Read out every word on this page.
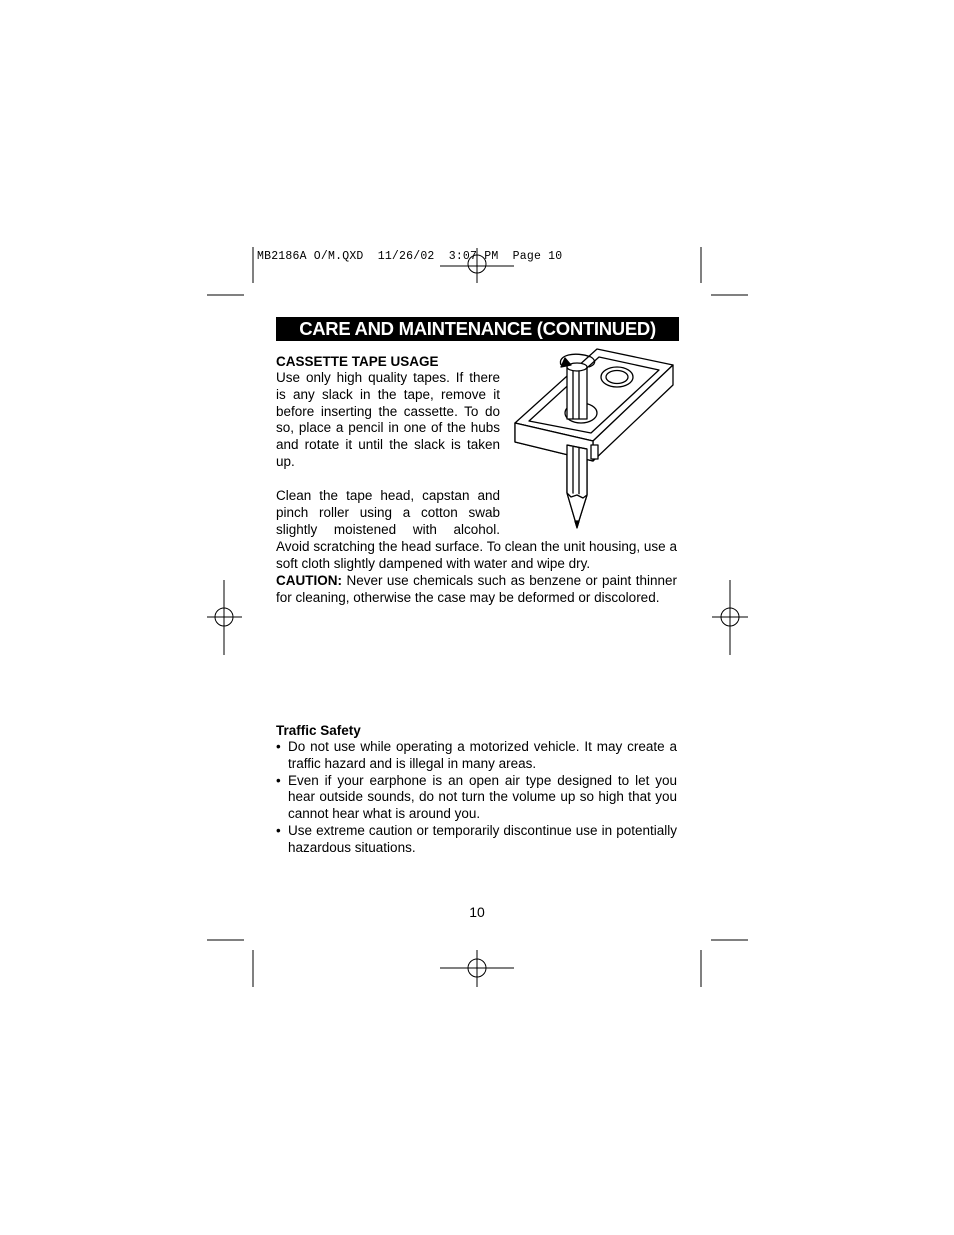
MB2186A O/M.QXD  11/26/02  3:07 PM  Page 10
CARE AND MAINTENANCE (CONTINUED)
CASSETTE TAPE USAGE
Use only high quality tapes. If there is any slack in the tape, remove it before inserting the cassette. To do so, place a pencil in one of the hubs and rotate it until the slack is taken up.
Clean the tape head, capstan and pinch roller using a cotton swab slightly moistened with alcohol.
Avoid scratching the head surface. To clean the unit housing, use a soft cloth slightly dampened with water and wipe dry.
CAUTION: Never use chemicals such as benzene or paint thinner for cleaning, otherwise the case may be deformed or discolored.
Traffic Safety
• Do not use while operating a motorized vehicle. It may create a traffic hazard and is illegal in many areas.
• Even if your earphone is an open air type designed to let you hear outside sounds, do not turn the volume up so high that you cannot hear what is around you.
• Use extreme caution or temporarily discontinue use in potentially hazardous situations.
10
